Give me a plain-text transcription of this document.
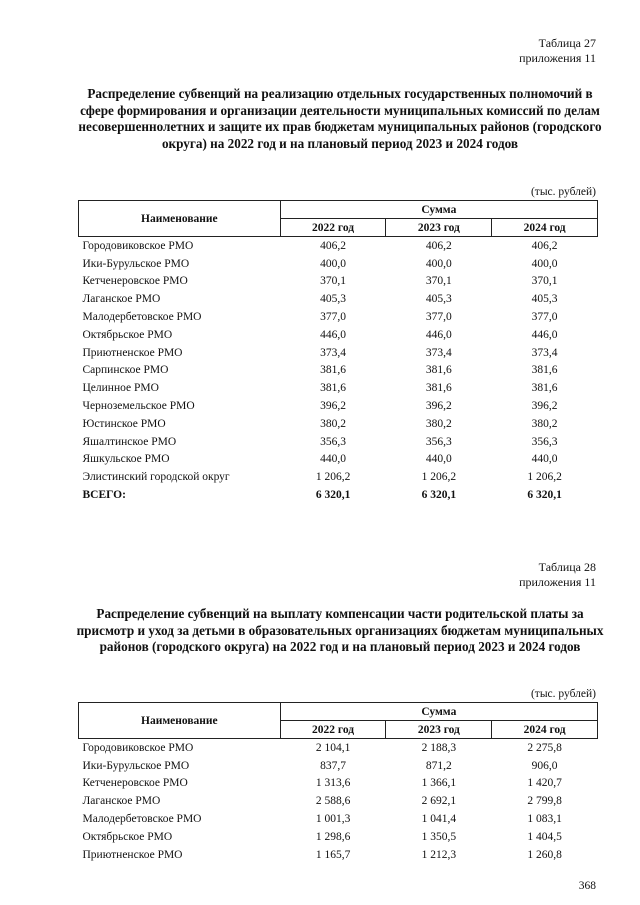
Таблица 27
приложения 11
Распределение субвенций на реализацию отдельных государственных полномочий в сфере формирования и организации деятельности муниципальных комиссий по делам несовершеннолетних и защите их прав бюджетам муниципальных районов (городского округа) на 2022 год и на плановый период 2023 и 2024 годов
(тыс. рублей)
Наименование	Сумма		
	2022 год	2023 год	2024 год
Городовиковское РМО	406,2	406,2	406,2
Ики-Бурульское РМО	400,0	400,0	400,0
Кетченеровское РМО	370,1	370,1	370,1
Лаганское РМО	405,3	405,3	405,3
Малодербетовское РМО	377,0	377,0	377,0
Октябрьское РМО	446,0	446,0	446,0
Приютненское РМО	373,4	373,4	373,4
Сарпинское РМО	381,6	381,6	381,6
Целинное РМО	381,6	381,6	381,6
Черноземельское РМО	396,2	396,2	396,2
Юстинское РМО	380,2	380,2	380,2
Яшалтинское РМО	356,3	356,3	356,3
Яшкульское РМО	440,0	440,0	440,0
Элистинский городской округ	1 206,2	1 206,2	1 206,2
ВСЕГО:	6 320,1	6 320,1	6 320,1
Таблица 28
приложения 11
Распределение субвенций на выплату компенсации части родительской платы за присмотр и уход за детьми в образовательных организациях бюджетам муниципальных районов (городского округа) на 2022 год и на плановый период 2023 и 2024 годов
(тыс. рублей)
Наименование	Сумма		
	2022 год	2023 год	2024 год
Городовиковское РМО	2 104,1	2 188,3	2 275,8
Ики-Бурульское РМО	837,7	871,2	906,0
Кетченеровское РМО	1 313,6	1 366,1	1 420,7
Лаганское РМО	2 588,6	2 692,1	2 799,8
Малодербетовское РМО	1 001,3	1 041,4	1 083,1
Октябрьское РМО	1 298,6	1 350,5	1 404,5
Приютненское РМО	1 165,7	1 212,3	1 260,8
368
